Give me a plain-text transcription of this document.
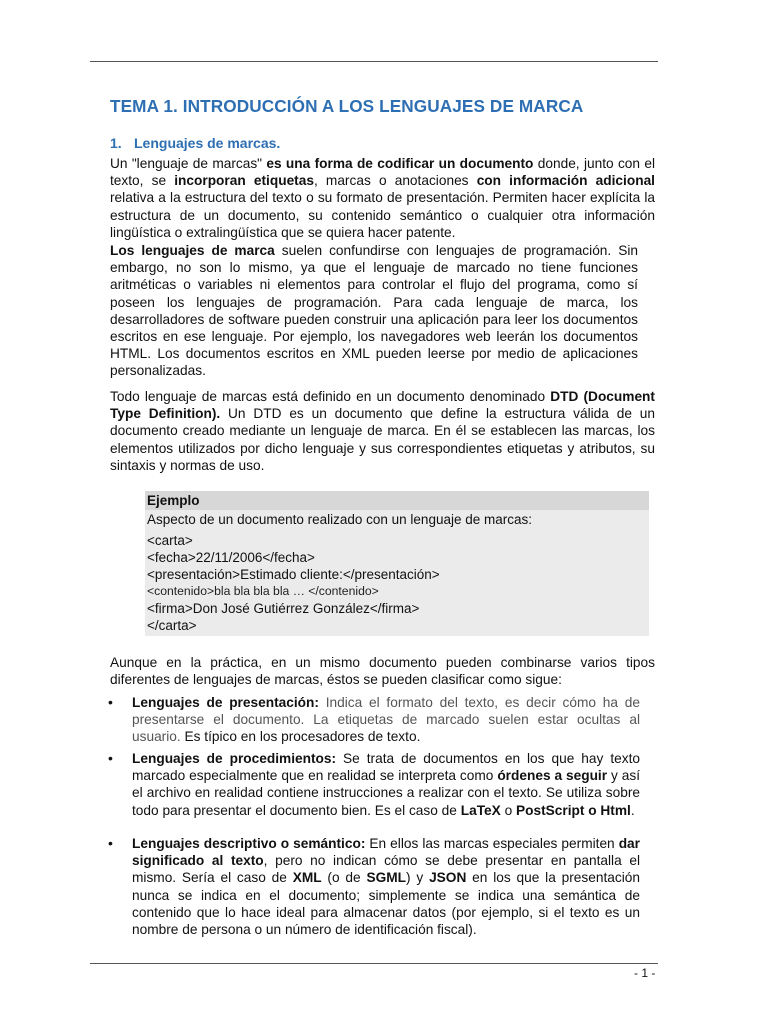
TEMA 1. INTRODUCCIÓN A LOS LENGUAJES DE MARCA
1. Lenguajes de marcas.

Un "lenguaje de marcas" es una forma de codificar un documento donde, junto con el texto, se incorporan etiquetas, marcas o anotaciones con información adicional relativa a la estructura del texto o su formato de presentación. Permiten hacer explícita la estructura de un documento, su contenido semántico o cualquier otra información lingüística o extralingüística que se quiera hacer patente.

Los lenguajes de marca suelen confundirse con lenguajes de programación. Sin embargo, no son lo mismo, ya que el lenguaje de marcado no tiene funciones aritméticas o variables ni elementos para controlar el flujo del programa, como sí poseen los lenguajes de programación. Para cada lenguaje de marca, los desarrolladores de software pueden construir una aplicación para leer los documentos escritos en ese lenguaje. Por ejemplo, los navegadores web leerán los documentos HTML. Los documentos escritos en XML pueden leerse por medio de aplicaciones personalizadas.

Todo lenguaje de marcas está definido en un documento denominado DTD (Document Type Definition). Un DTD es un documento que define la estructura válida de un documento creado mediante un lenguaje de marca. En él se establecen las marcas, los elementos utilizados por dicho lenguaje y sus correspondientes etiquetas y atributos, su sintaxis y normas de uso.

Ejemplo
Aspecto de un documento realizado con un lenguaje de marcas:
<carta>
<fecha>22/11/2006</fecha>
<presentación>Estimado cliente:</presentación>
<contenido>bla bla bla bla … </contenido>
<firma>Don José Gutiérrez González</firma>
</carta>

Aunque en la práctica, en un mismo documento pueden combinarse varios tipos diferentes de lenguajes de marcas, éstos se pueden clasificar como sigue:

• Lenguajes de presentación: Indica el formato del texto, es decir cómo ha de presentarse el documento. La etiquetas de marcado suelen estar ocultas al usuario. Es típico en los procesadores de texto.

• Lenguajes de procedimientos: Se trata de documentos en los que hay texto marcado especialmente que en realidad se interpreta como órdenes a seguir y así el archivo en realidad contiene instrucciones a realizar con el texto. Se utiliza sobre todo para presentar el documento bien. Es el caso de LaTeX o PostScript o Html.

• Lenguajes descriptivo o semántico: En ellos las marcas especiales permiten dar significado al texto, pero no indican cómo se debe presentar en pantalla el mismo. Sería el caso de XML (o de SGML) y JSON en los que la presentación nunca se indica en el documento; simplemente se indica una semántica de contenido que lo hace ideal para almacenar datos (por ejemplo, si el texto es un nombre de persona o un número de identificación fiscal).

- 1 -
